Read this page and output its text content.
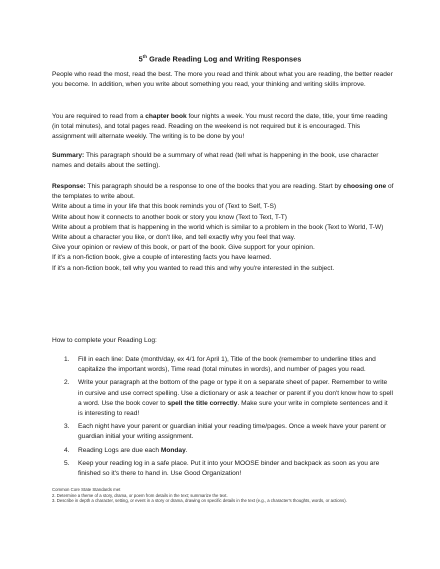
5th Grade Reading Log and Writing Responses

People who read the most, read the best. The more you read and think about what you are reading, the better reader you become. In addition, when you write about something you read, your thinking and writing skills improve.

You are required to read from a chapter book four nights a week. You must record the date, title, your time reading (in total minutes), and total pages read. Reading on the weekend is not required but it is encouraged. This assignment will alternate weekly. The writing is to be done by you!

Summary: This paragraph should be a summary of what read (tell what is happening in the book, use character names and details about the setting).

Response: This paragraph should be a response to one of the books that you are reading. Start by choosing one of the templates to write about.
Write about a time in your life that this book reminds you of (Text to Self, T-S)
Write about how it connects to another book or story you know (Text to Text, T-T)
Write about a problem that is happening in the world which is similar to a problem in the book (Text to World, T-W)
Write about a character you like, or don't like, and tell exactly why you feel that way.
Give your opinion or review of this book, or part of the book. Give support for your opinion.
If it's a non-fiction book, give a couple of interesting facts you have learned.
If it's a non-fiction book, tell why you wanted to read this and why you're interested in the subject.

How to complete your Reading Log:

1. Fill in each line: Date (month/day, ex 4/1 for April 1), Title of the book (remember to underline titles and capitalize the important words), Time read (total minutes in words), and number of pages you read.
2. Write your paragraph at the bottom of the page or type it on a separate sheet of paper. Remember to write in cursive and use correct spelling. Use a dictionary or ask a teacher or parent if you don't know how to spell a word. Use the book cover to spell the title correctly. Make sure your write in complete sentences and it is interesting to read!
3. Each night have your parent or guardian initial your reading time/pages. Once a week have your parent or guardian initial your writing assignment.
4. Reading Logs are due each Monday.
5. Keep your reading log in a safe place. Put it into your MOOSE binder and backpack as soon as you are finished so it's there to hand in. Use Good Organization!
Common Core State Standards met
2. Determine a theme of a story, drama, or poem from details in the text; summarize the text.
3. Describe in depth a character, setting, or event in a story or drama, drawing on specific details in the text (e.g., a character's thoughts, words, or actions).
